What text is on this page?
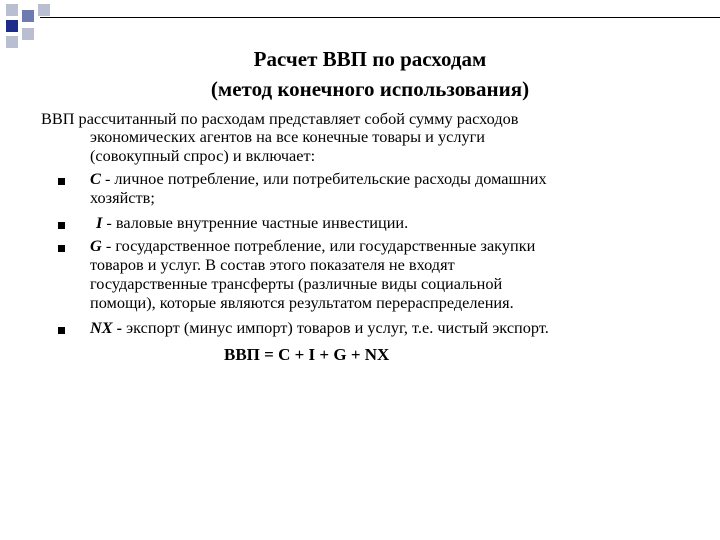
Расчет ВВП по расходам
(метод конечного использования)
ВВП рассчитанный по расходам представляет собой сумму расходов
экономических агентов на все конечные товары и услуги
(совокупный спрос) и включает:
C - личное потребление, или потребительские расходы домашних
хозяйств;
I - валовые внутренние частные инвестиции.
G - государственное потребление, или государственные закупки
товаров и услуг. В состав этого показателя не входят
государственные трансферты (различные виды социальной
помощи), которые являются результатом перераспределения.
NX - экспорт (минус импорт) товаров и услуг, т.е. чистый экспорт.
ВВП = C + I + G + NX
